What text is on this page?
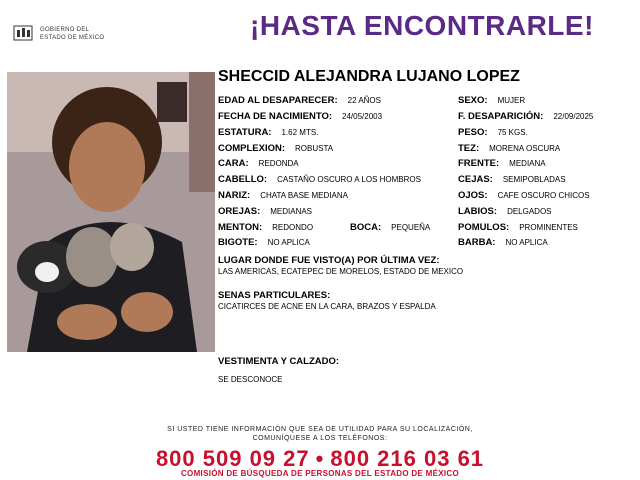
GOBIERNO DEL
ESTADO DE MÉXICO	¡HASTA ENCONTRARLE!
SHECCID ALEJANDRA LUJANO LOPEZ
EDAD AL DESAPARECER: 22 AÑOS
FECHA DE NACIMIENTO: 24/05/2003
ESTATURA: 1.62 MTS.
COMPLEXION: ROBUSTA
CARA: REDONDA
CABELLO: CASTAÑO OSCURO A LOS HOMBROS
NARIZ: CHATA BASE MEDIANA
OREJAS: MEDIANAS
MENTON: REDONDO	BOCA: PEQUEÑA
BIGOTE: NO APLICA
SEXO: MUJER
F. DESAPARICIÓN: 22/09/2025
PESO: 75 KGS.
TEZ: MORENA OSCURA
FRENTE: MEDIANA
CEJAS: SEMIPOBLADAS
OJOS: CAFE OSCURO CHICOS
LABIOS: DELGADOS
POMULOS: PROMINENTES
BARBA: NO APLICA
LUGAR DONDE FUE VISTO(A) POR ÚLTIMA VEZ:
LAS AMERICAS, ECATEPEC DE MORELOS, ESTADO DE MEXICO
SENAS PARTICULARES:
CICATIRCES DE ACNE EN LA CARA, BRAZOS Y ESPALDA
VESTIMENTA Y CALZADO:
SE DESCONOCE
SI USTED TIENE INFORMACIÓN QUE SEA DE UTILIDAD PARA SU LOCALIZACIÓN,
COMUNÍQUESE A LOS TELÉFONOS:
800 509 09 27 • 800 216 03 61
COMISIÓN DE BÚSQUEDA DE PERSONAS DEL ESTADO DE MÉXICO
